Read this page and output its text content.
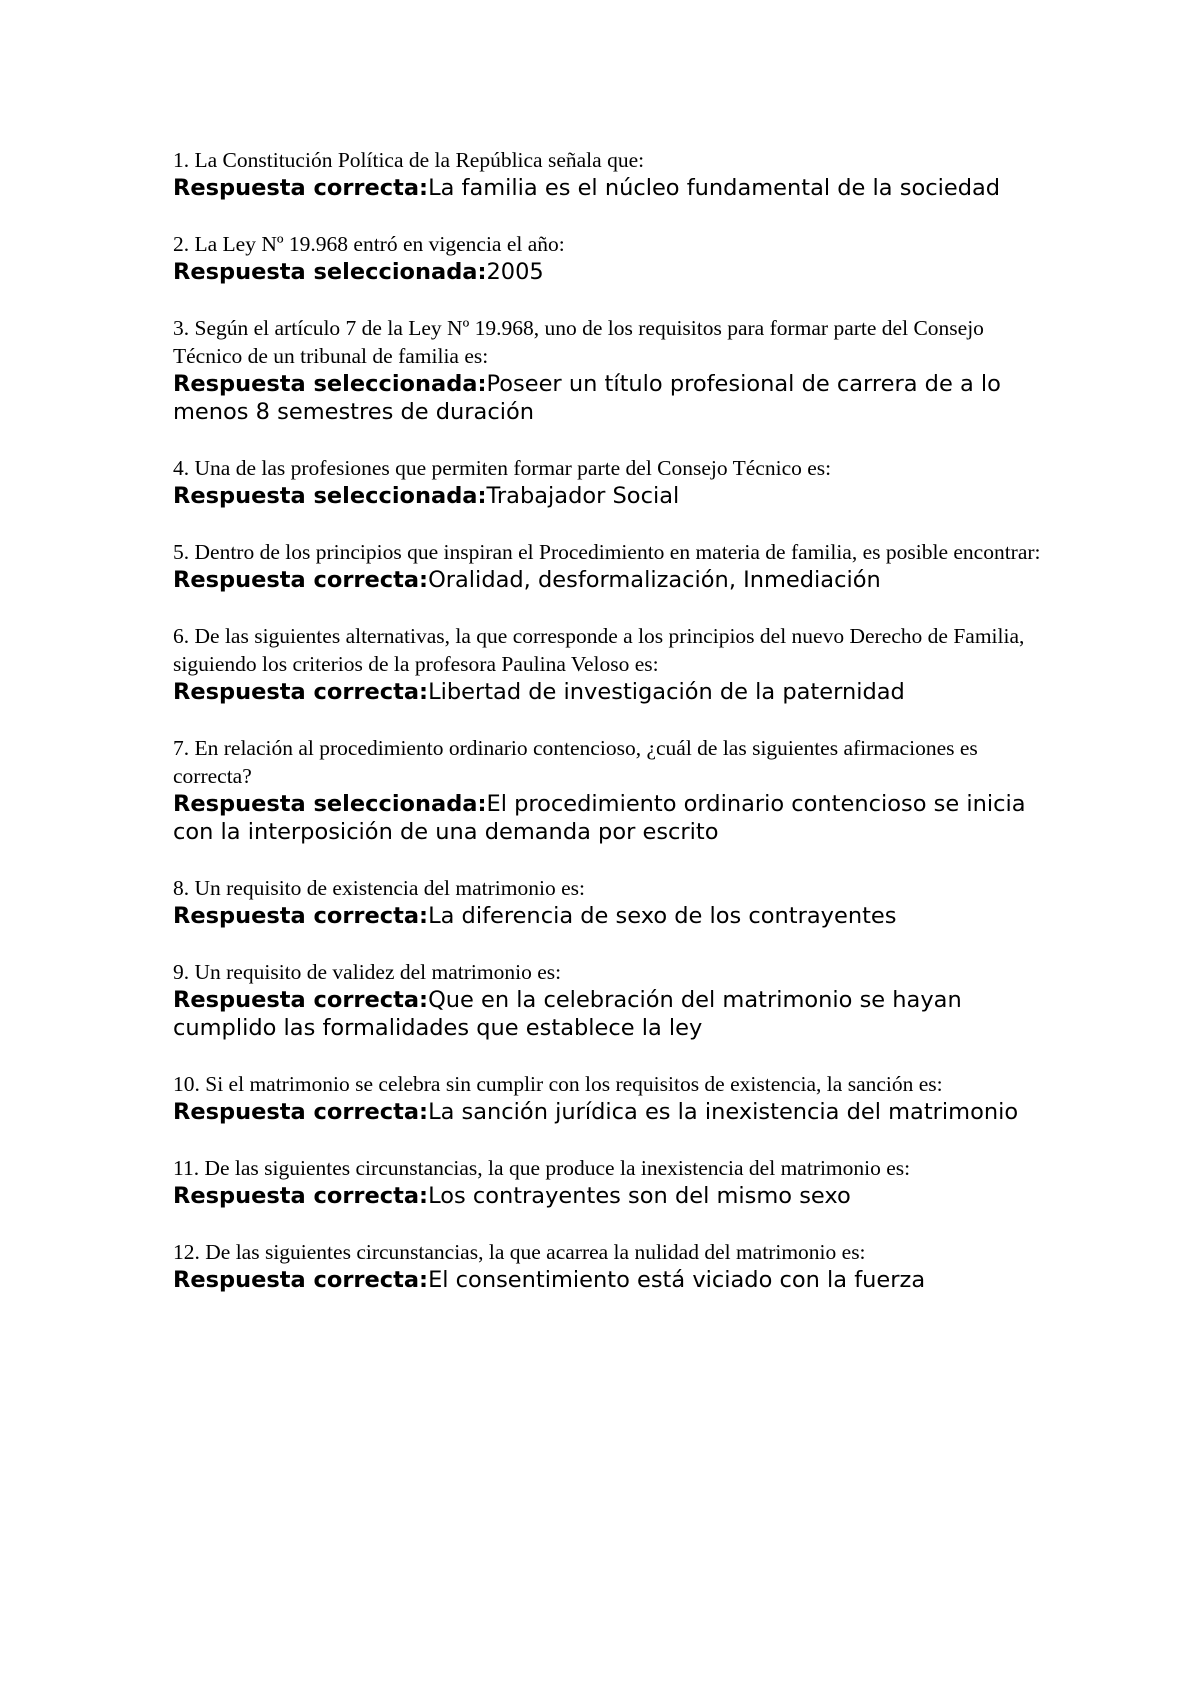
1. La Constitución Política de la República señala que:

Respuesta correcta:La familia es el núcleo fundamental de la sociedad

2. La Ley Nº 19.968 entró en vigencia el año:

Respuesta seleccionada:2005

3. Según el artículo 7 de la Ley Nº 19.968, uno de los requisitos para formar parte del Consejo Técnico de un tribunal de familia es:

Respuesta seleccionada:Poseer un título profesional de carrera de a lo menos 8 semestres de duración

4. Una de las profesiones que permiten formar parte del Consejo Técnico es:

Respuesta seleccionada:Trabajador Social

5. Dentro de los principios que inspiran el Procedimiento en materia de familia, es posible encontrar:

Respuesta correcta:Oralidad, desformalización, Inmediación

6. De las siguientes alternativas, la que corresponde a los principios del nuevo Derecho de Familia, siguiendo los criterios de la profesora Paulina Veloso es:

Respuesta correcta:Libertad de investigación de la paternidad

7. En relación al procedimiento ordinario contencioso, ¿cuál de las siguientes afirmaciones es correcta?

Respuesta seleccionada:El procedimiento ordinario contencioso se inicia con la interposición de una demanda por escrito

8. Un requisito de existencia del matrimonio es:

Respuesta correcta:La diferencia de sexo de los contrayentes

9. Un requisito de validez del matrimonio es:

Respuesta correcta:Que en la celebración del matrimonio se hayan cumplido las formalidades que establece la ley

10. Si el matrimonio se celebra sin cumplir con los requisitos de existencia, la sanción es:

Respuesta correcta:La sanción jurídica es la inexistencia del matrimonio

11. De las siguientes circunstancias, la que produce la inexistencia del matrimonio es:

Respuesta correcta:Los contrayentes son del mismo sexo

12. De las siguientes circunstancias, la que acarrea la nulidad del matrimonio es:

Respuesta correcta:El consentimiento está viciado con la fuerza
